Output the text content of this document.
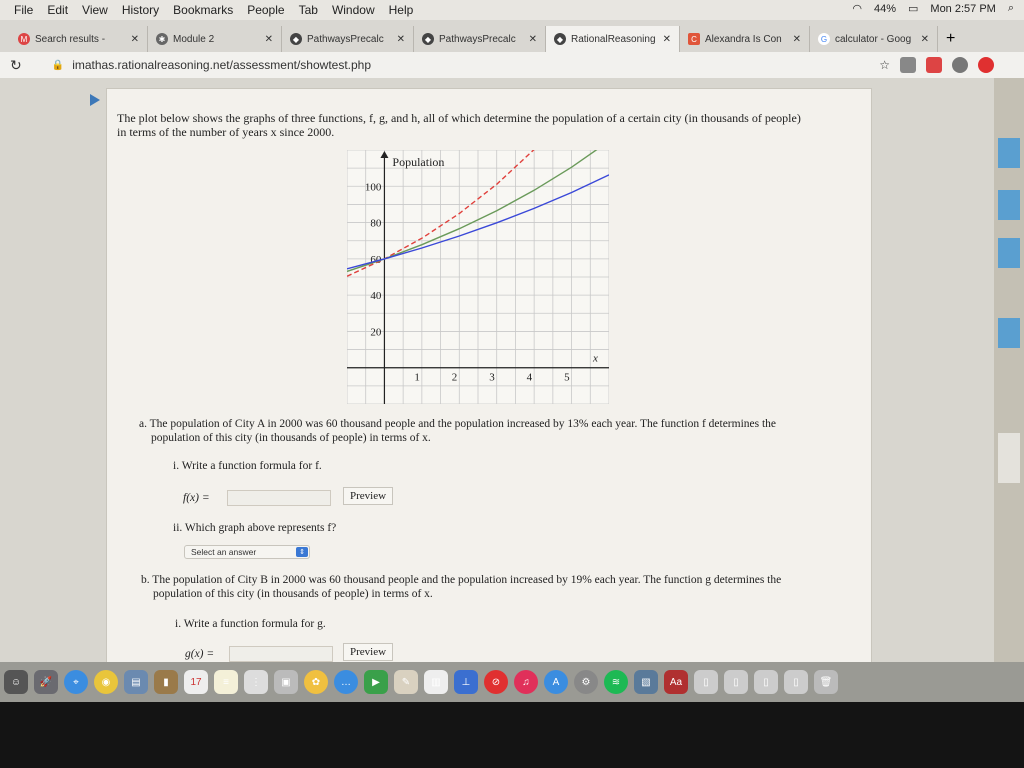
File Edit View History Bookmarks People Tab Window Help	◠ 44% ▭ Mon 2:57 PM ⌕
M Search results -	✕	✱ Module 2	✕	◆ PathwaysPrecalc ✕	◆ PathwaysPrecalc ✕	◆ RationalReasoning ✕	C Alexandra Is Con ✕	G calculator - Goog ✕ +
↻	🔒 imathas.rationalreasoning.net/assessment/showtest.php	☆
The plot below shows the graphs of three functions, f, g, and h, all of which determine the population of a certain city (in thousands of people)
in terms of the number of years x since 2000.
20
40
60
80
100
1	2	3	4	5
Population
x
a. The population of City A in 2000 was 60 thousand people and the population increased by 13% each year. The function f determines the
population of this city (in thousands of people) in terms of x.
i. Write a function formula for f.
f(x) =	Preview
ii. Which graph above represents f?
b. The population of City B in 2000 was 60 thousand people and the population increased by 19% each year. The function g determines the
population of this city (in thousands of people) in terms of x.
i. Write a function formula for g.
g(x) =	Preview
Select an answer	⇕
☺	🚀	⌖	◉	▤	▮	17	≡	⋮	▣	✿	…	▶	✎	▥	⊥	⊘	♫	A	⚙	≋	▧	Aa	▯	▯	▯	▯	🗑
